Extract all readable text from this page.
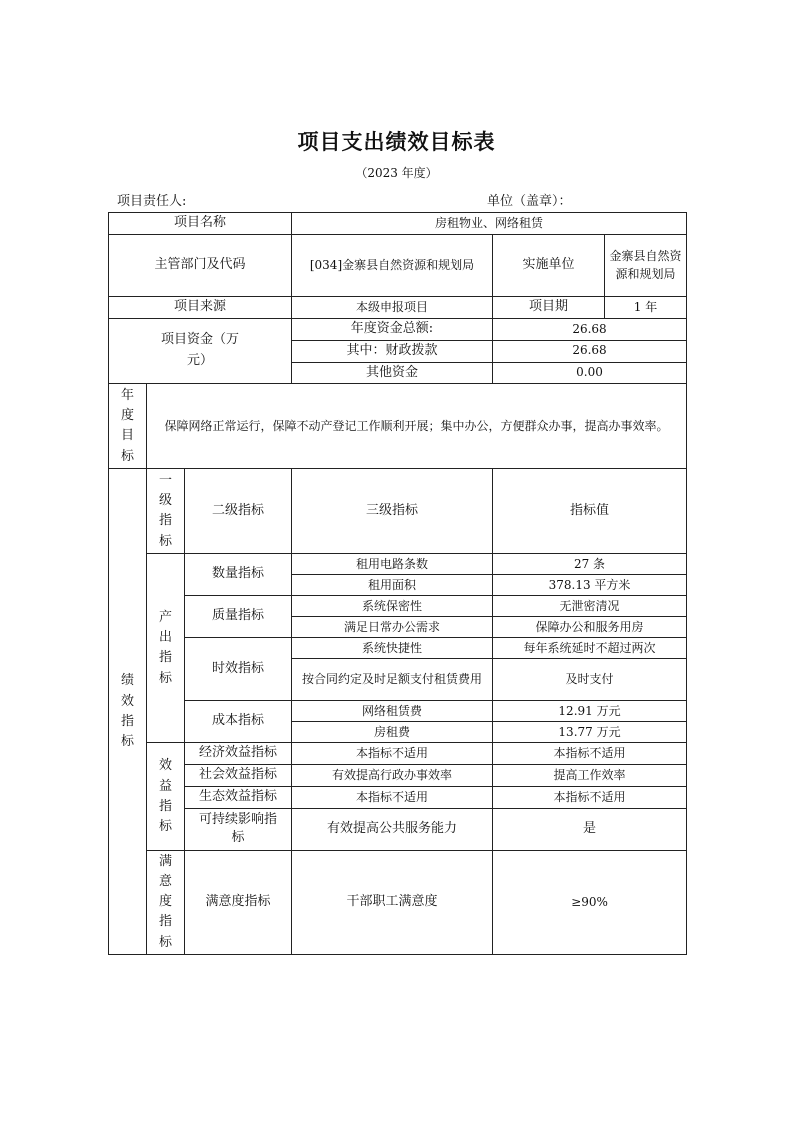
项目支出绩效目标表
（2023 年度）
项目责任人:	单位（盖章）：
项目名称			房租物业、网络租赁		
主管部门及代码			[034]金寨县自然资源和规划局	实施单位	金寨县自然资源和规划局
项目来源			本级申报项目	项目期	1 年

项目资金（万元）			年度资金总额:	26.68	
			其中：财政拨款	26.68	
			其他资金	0.00	

年度目标	保障网络正常运行，保障不动产登记工作顺利开展；集中办公，方便群众办事，提高办事效率。				

绩效指标	一级指标	二级指标	三级指标	指标值	

	产出指标	数量指标	租用电路条数	27 条	
			租用面积	378.13 平方米	
		质量指标	系统保密性	无泄密清况	
			满足日常办公需求	保障办公和服务用房	
		时效指标	系统快捷性	每年系统延时不超过两次	
			按合同约定及时足额支付租赁费用	及时支付	
		成本指标	网络租赁费	12.91 万元	
			房租费	13.77 万元	

	效益指标	经济效益指标	本指标不适用	本指标不适用	
		社会效益指标	有效提高行政办事效率	提高工作效率	
		生态效益指标	本指标不适用	本指标不适用	

		可持续影响指标	有效提高公共服务能力	是	

	满意度指标	满意度指标	干部职工满意度	≥90%	
